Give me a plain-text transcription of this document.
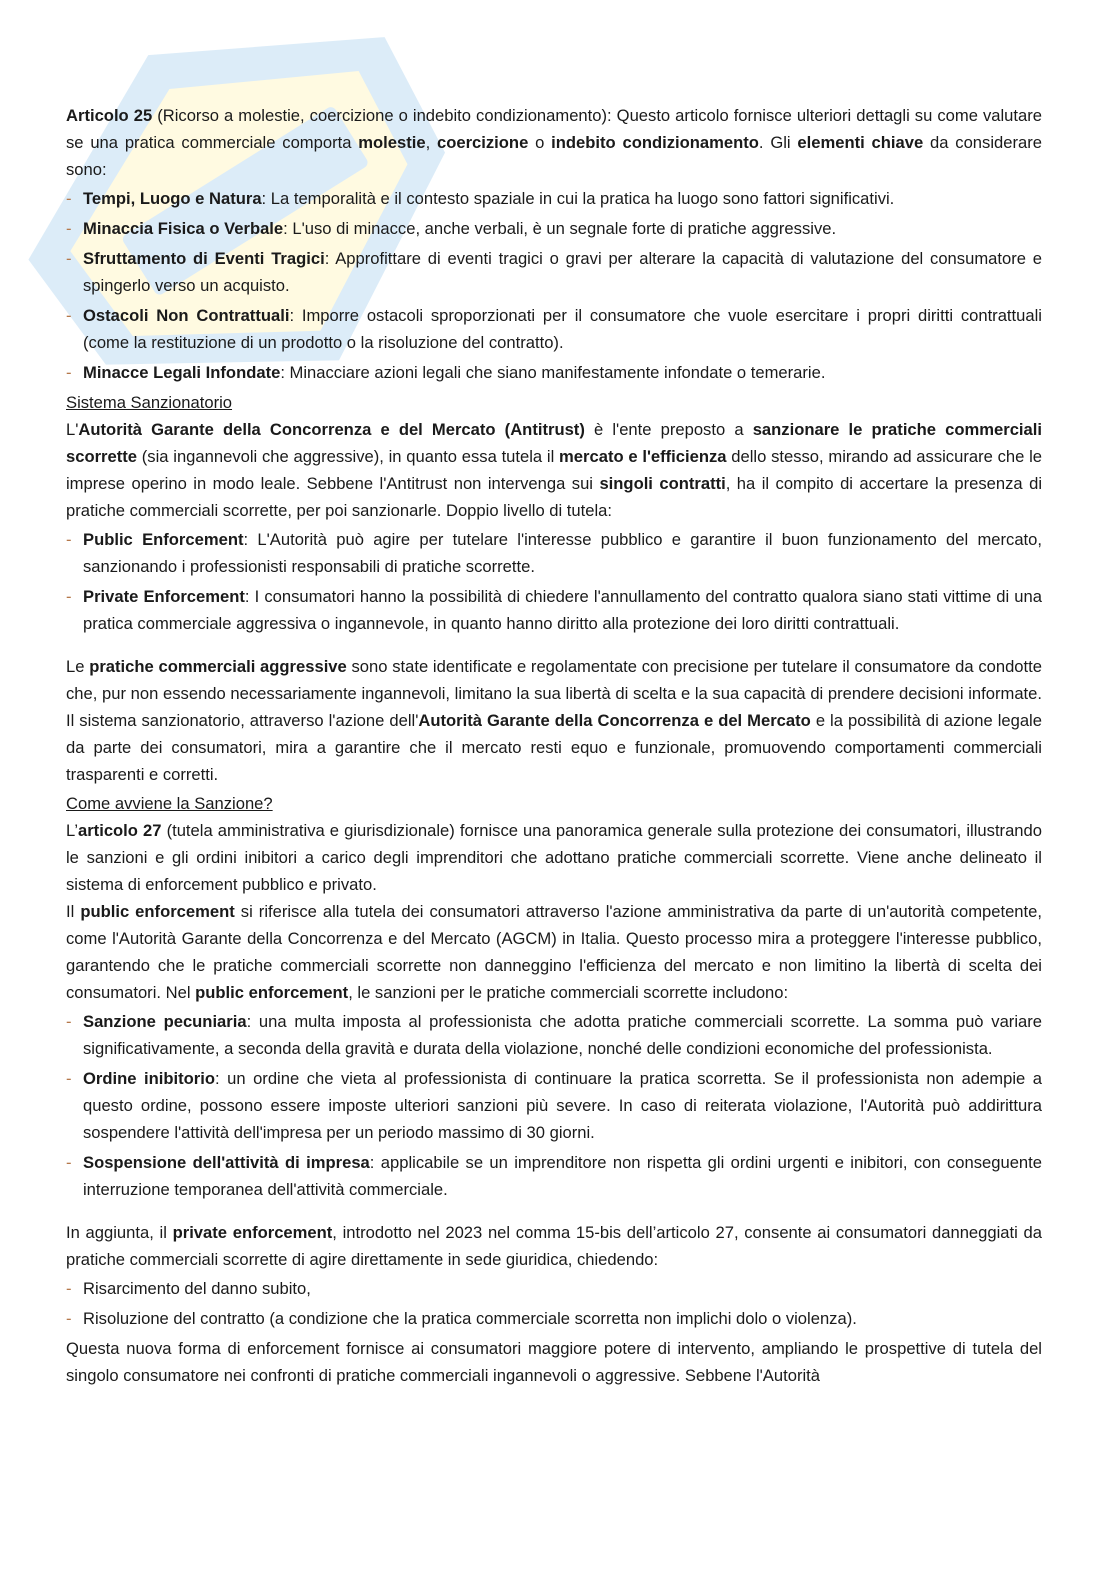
Articolo 25 (Ricorso a molestie, coercizione o indebito condizionamento): Questo articolo fornisce ulteriori dettagli su come valutare se una pratica commerciale comporta molestie, coercizione o indebito condizionamento. Gli elementi chiave da considerare sono:

- Tempi, Luogo e Natura: La temporalità e il contesto spaziale in cui la pratica ha luogo sono fattori significativi.
- Minaccia Fisica o Verbale: L'uso di minacce, anche verbali, è un segnale forte di pratiche aggressive.
- Sfruttamento di Eventi Tragici: Approfittare di eventi tragici o gravi per alterare la capacità di valutazione del consumatore e spingerlo verso un acquisto.
- Ostacoli Non Contrattuali: Imporre ostacoli sproporzionati per il consumatore che vuole esercitare i propri diritti contrattuali (come la restituzione di un prodotto o la risoluzione del contratto).
- Minacce Legali Infondate: Minacciare azioni legali che siano manifestamente infondate o temerarie.

Sistema Sanzionatorio

L'Autorità Garante della Concorrenza e del Mercato (Antitrust) è l'ente preposto a sanzionare le pratiche commerciali scorrette (sia ingannevoli che aggressive), in quanto essa tutela il mercato e l'efficienza dello stesso, mirando ad assicurare che le imprese operino in modo leale. Sebbene l'Antitrust non intervenga sui singoli contratti, ha il compito di accertare la presenza di pratiche commerciali scorrette, per poi sanzionarle. Doppio livello di tutela:

- Public Enforcement: L'Autorità può agire per tutelare l'interesse pubblico e garantire il buon funzionamento del mercato, sanzionando i professionisti responsabili di pratiche scorrette.
- Private Enforcement: I consumatori hanno la possibilità di chiedere l'annullamento del contratto qualora siano stati vittime di una pratica commerciale aggressiva o ingannevole, in quanto hanno diritto alla protezione dei loro diritti contrattuali.

Le pratiche commerciali aggressive sono state identificate e regolamentate con precisione per tutelare il consumatore da condotte che, pur non essendo necessariamente ingannevoli, limitano la sua libertà di scelta e la sua capacità di prendere decisioni informate. Il sistema sanzionatorio, attraverso l'azione dell'Autorità Garante della Concorrenza e del Mercato e la possibilità di azione legale da parte dei consumatori, mira a garantire che il mercato resti equo e funzionale, promuovendo comportamenti commerciali trasparenti e corretti.

Come avviene la Sanzione?

L’articolo 27 (tutela amministrativa e giurisdizionale) fornisce una panoramica generale sulla protezione dei consumatori, illustrando le sanzioni e gli ordini inibitori a carico degli imprenditori che adottano pratiche commerciali scorrette. Viene anche delineato il sistema di enforcement pubblico e privato.

Il public enforcement si riferisce alla tutela dei consumatori attraverso l'azione amministrativa da parte di un'autorità competente, come l'Autorità Garante della Concorrenza e del Mercato (AGCM) in Italia. Questo processo mira a proteggere l'interesse pubblico, garantendo che le pratiche commerciali scorrette non danneggino l'efficienza del mercato e non limitino la libertà di scelta dei consumatori. Nel public enforcement, le sanzioni per le pratiche commerciali scorrette includono:

- Sanzione pecuniaria: una multa imposta al professionista che adotta pratiche commerciali scorrette. La somma può variare significativamente, a seconda della gravità e durata della violazione, nonché delle condizioni economiche del professionista.
- Ordine inibitorio: un ordine che vieta al professionista di continuare la pratica scorretta. Se il professionista non adempie a questo ordine, possono essere imposte ulteriori sanzioni più severe. In caso di reiterata violazione, l'Autorità può addirittura sospendere l'attività dell'impresa per un periodo massimo di 30 giorni.
- Sospensione dell'attività di impresa: applicabile se un imprenditore non rispetta gli ordini urgenti e inibitori, con conseguente interruzione temporanea dell'attività commerciale.

In aggiunta, il private enforcement, introdotto nel 2023 nel comma 15-bis dell’articolo 27, consente ai consumatori danneggiati da pratiche commerciali scorrette di agire direttamente in sede giuridica, chiedendo:

- Risarcimento del danno subito,
- Risoluzione del contratto (a condizione che la pratica commerciale scorretta non implichi dolo o violenza).

Questa nuova forma di enforcement fornisce ai consumatori maggiore potere di intervento, ampliando le prospettive di tutela del singolo consumatore nei confronti di pratiche commerciali ingannevoli o aggressive. Sebbene l'Autorità
